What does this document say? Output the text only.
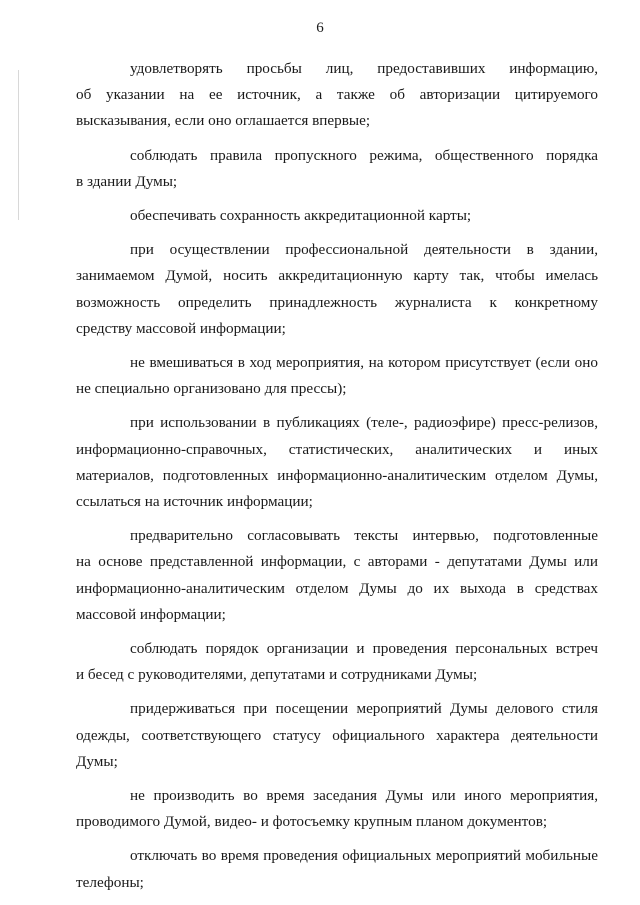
6
удовлетворять просьбы лиц, предоставивших информацию,
об указании на ее источник, а также об авторизации цитируемого
высказывания, если оно оглашается впервые;
соблюдать правила пропускного режима, общественного порядка
в здании Думы;
обеспечивать сохранность аккредитационной карты;
при осуществлении профессиональной деятельности в здании,
занимаемом Думой, носить аккредитационную карту так, чтобы имелась
возможность определить принадлежность журналиста к конкретному
средству массовой информации;
не вмешиваться в ход мероприятия, на котором присутствует (если оно
не специально организовано для прессы);
при использовании в публикациях (теле-, радиоэфире) пресс-релизов,
информационно-справочных, статистических, аналитических и иных
материалов, подготовленных информационно-аналитическим отделом Думы,
ссылаться на источник информации;
предварительно согласовывать тексты интервью, подготовленные
на основе представленной информации, с авторами - депутатами Думы или
информационно-аналитическим отделом Думы до их выхода в средствах
массовой информации;
соблюдать порядок организации и проведения персональных встреч
и бесед с руководителями, депутатами и сотрудниками Думы;
придерживаться при посещении мероприятий Думы делового стиля
одежды, соответствующего статусу официального характера деятельности
Думы;
не производить во время заседания Думы или иного мероприятия,
проводимого Думой, видео- и фотосъемку крупным планом документов;
отключать во время проведения официальных мероприятий мобильные
телефоны;
